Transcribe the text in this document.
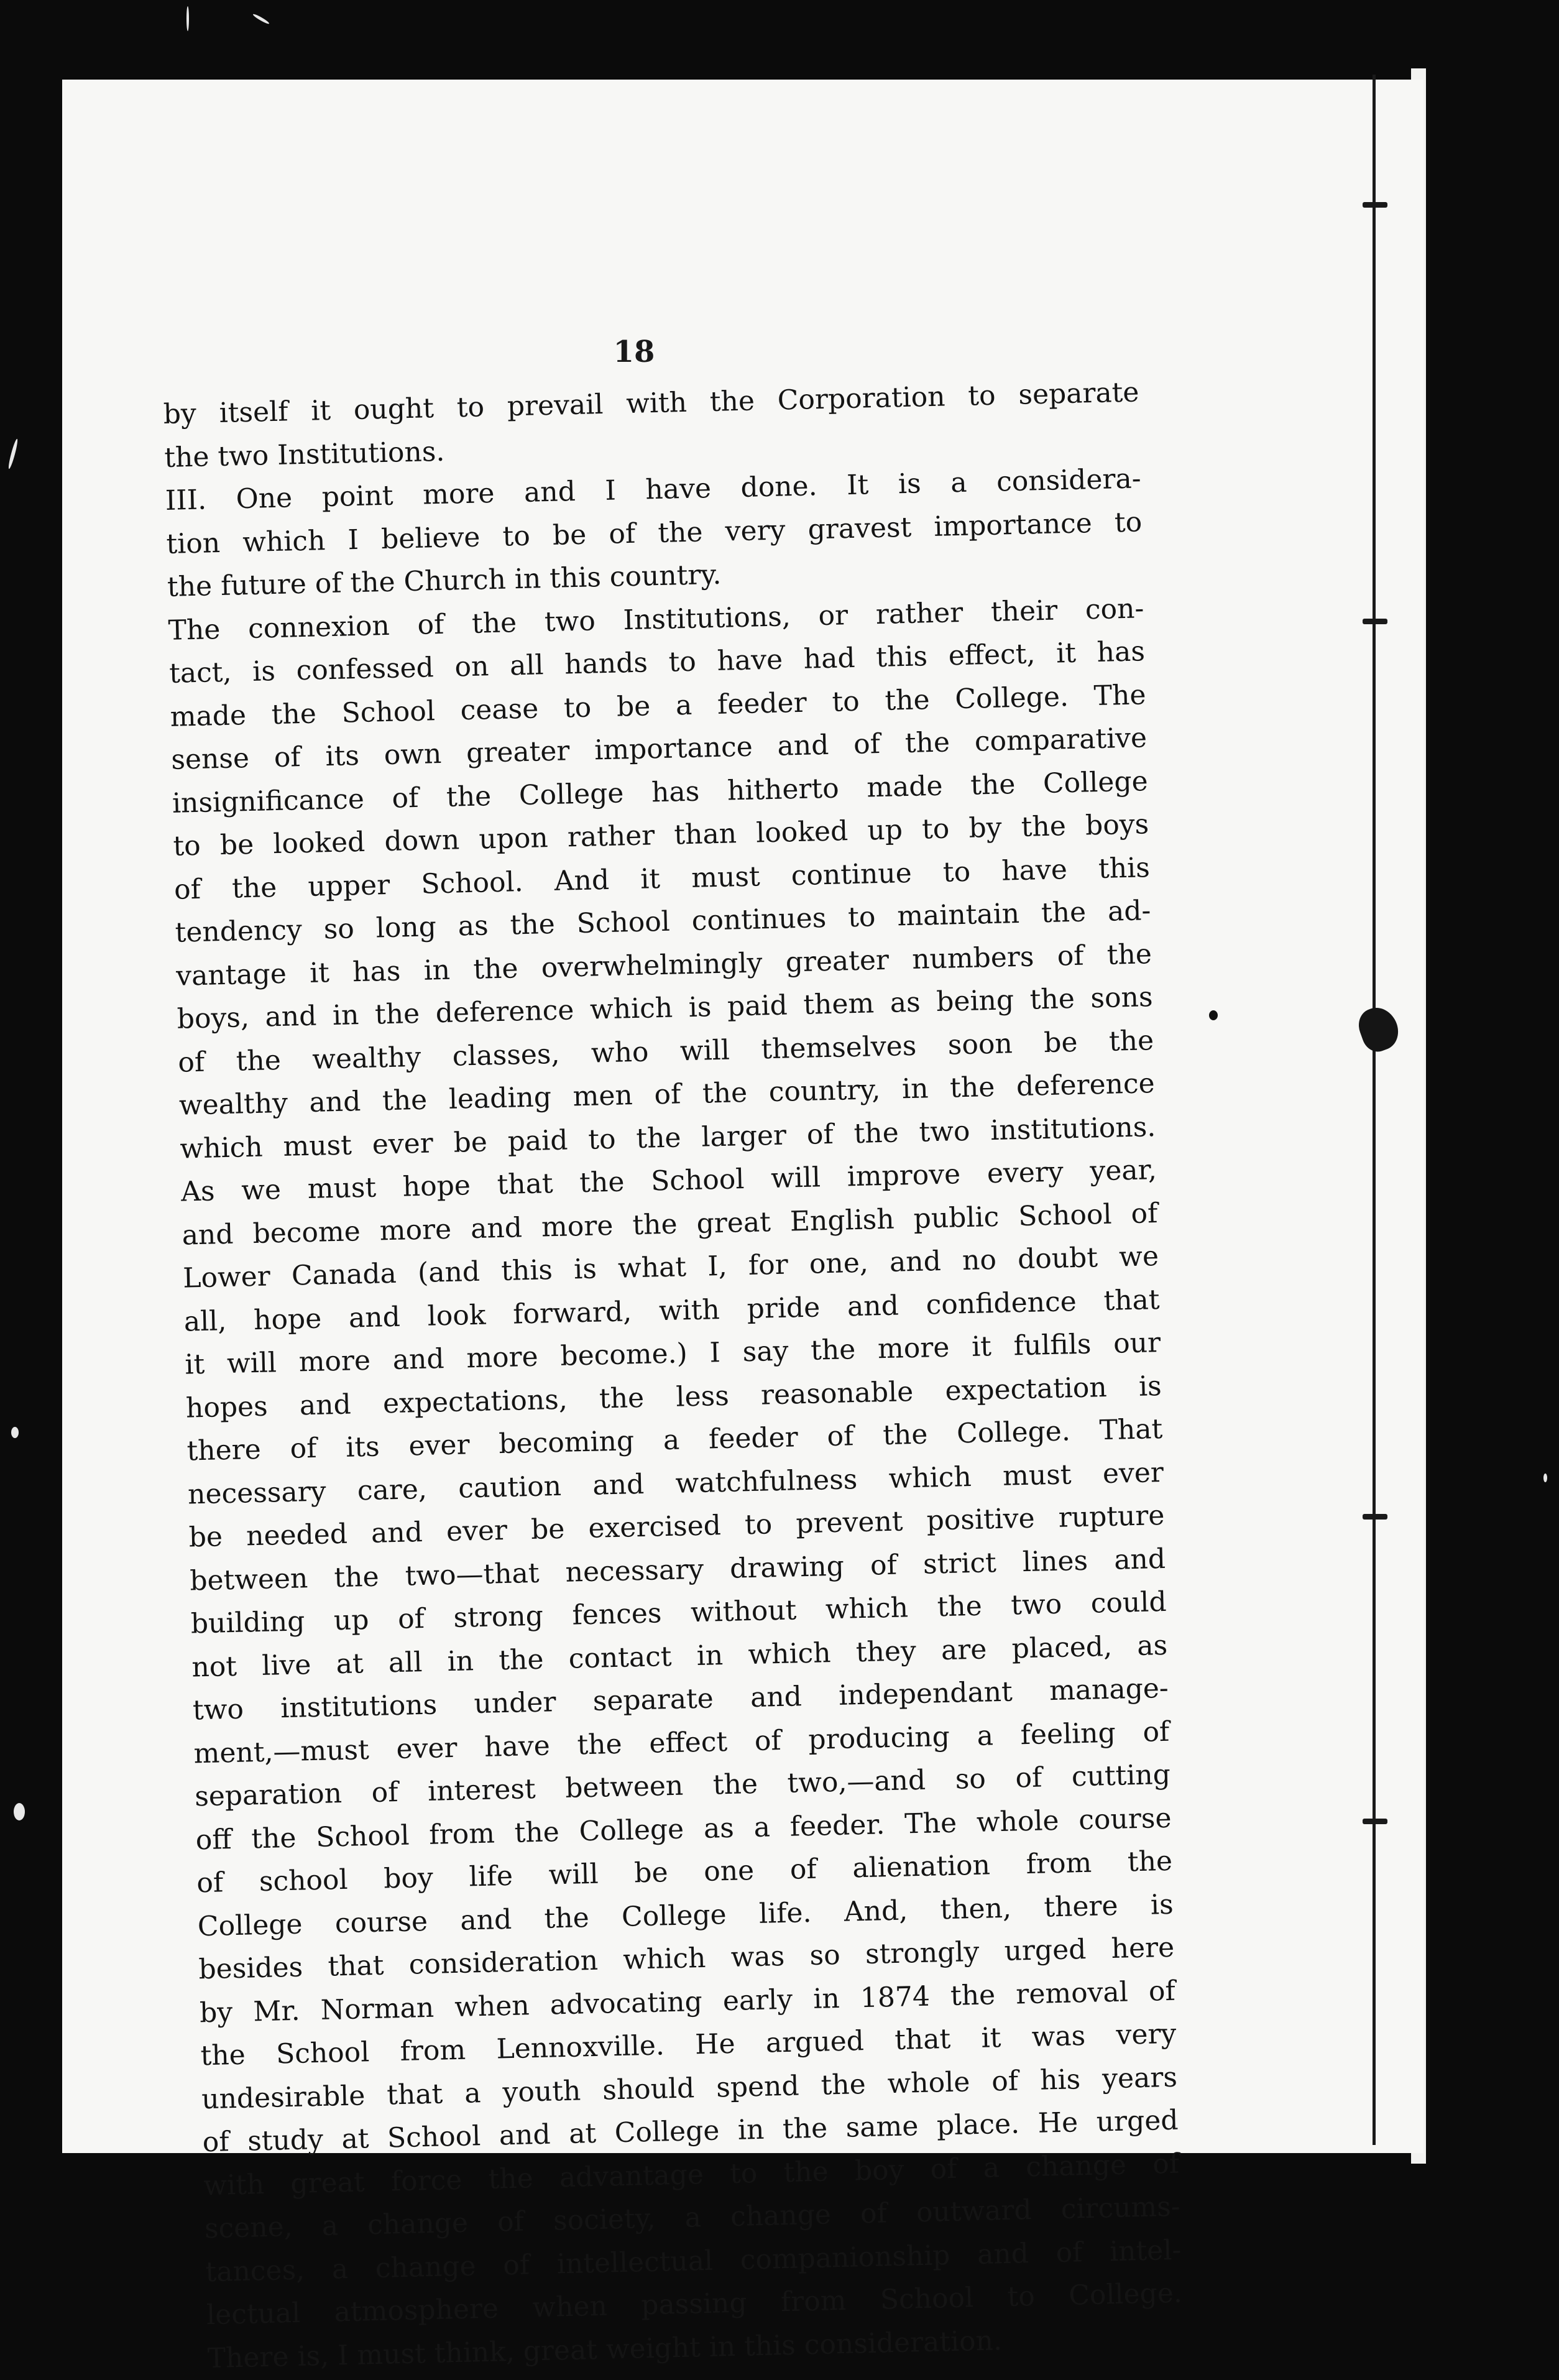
18
by itself it ought to prevail with the Corporation to separate
the two Institutions.
III. One point more and I have done. It is a considera-
tion which I believe to be of the very gravest importance to
the future of the Church in this country.
The connexion of the two Institutions, or rather their con-
tact, is confessed on all hands to have had this effect, it has
made the School cease to be a feeder to the College. The
sense of its own greater importance and of the comparative
insignificance of the College has hitherto made the College
to be looked down upon rather than looked up to by the boys
of the upper School. And it must continue to have this
tendency so long as the School continues to maintain the ad-
vantage it has in the overwhelmingly greater numbers of the
boys, and in the deference which is paid them as being the sons
of the wealthy classes, who will themselves soon be the
wealthy and the leading men of the country, in the deference
which must ever be paid to the larger of the two institutions.
As we must hope that the School will improve every year,
and become more and more the great English public School of
Lower Canada (and this is what I, for one, and no doubt we
all, hope and look forward, with pride and confidence that
it will more and more become.) I say the more it fulfils our
hopes and expectations, the less reasonable expectation is
there of its ever becoming a feeder of the College. That
necessary care, caution and watchfulness which must ever
be needed and ever be exercised to prevent positive rupture
between the two—that necessary drawing of strict lines and
building up of strong fences without which the two could
not live at all in the contact in which they are placed, as
two institutions under separate and independant manage-
ment,—must ever have the effect of producing a feeling of
separation of interest between the two,—and so of cutting
off the School from the College as a feeder. The whole course
of school boy life will be one of alienation from the
College course and the College life. And, then, there is
besides that consideration which was so strongly urged here
by Mr. Norman when advocating early in 1874 the removal of
the School from Lennoxville. He argued that it was very
undesirable that a youth should spend the whole of his years
of study at School and at College in the same place. He urged
with great force the advantage to the boy of a change of
scene, a change of society, a change of outward circums-
tances, a change of intellectual companionship and of intel-
lectual atmosphere when passing from School to College.
There is, I must think, great weight in this consideration.
